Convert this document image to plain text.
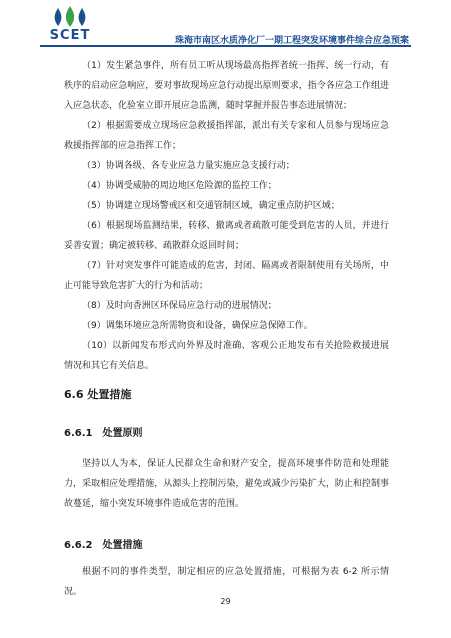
SCET	珠海市南区水质净化厂一期工程突发环境事件综合应急预案

（1）发生紧急事件，所有员工听从现场最高指挥者统一指挥、统一行动，有秩序的启动应急响应，要对事故现场应急行动提出原则要求，指令各应急工作组进入应急状态，化验室立即开展应急监测，随时掌握并报告事态进展情况；

（2）根据需要成立现场应急救援指挥部，派出有关专家和人员参与现场应急救援指挥部的应急指挥工作；

（3）协调各级、各专业应急力量实施应急支援行动；

（4）协调受威胁的周边地区危险源的监控工作；

（5）协调建立现场警戒区和交通管制区域，确定重点防护区域；

（6）根据现场监测结果，转移、撤离或者疏散可能受到危害的人员，并进行妥善安置；确定被转移、疏散群众返回时间；

（7）针对突发事件可能造成的危害，封闭、隔离或者限制使用有关场所，中止可能导致危害扩大的行为和活动；

（8）及时向香洲区环保局应急行动的进展情况；

（9）调集环境应急所需物资和设备，确保应急保障工作。

（10）以新闻发布形式向外界及时准确、客观公正地发布有关抢险救援进展情况和其它有关信息。

6.6 处置措施
6.6.1　处置原则

坚持以人为本，保证人民群众生命和财产安全，提高环境事件防范和处理能力，采取相应处理措施，从源头上控制污染，避免或减少污染扩大，防止和控制事故蔓延，缩小突发环境事件造成危害的范围。

6.6.2　处置措施

根据不同的事件类型，制定相应的应急处置措施，可根据为表 6-2 所示情况。

29
